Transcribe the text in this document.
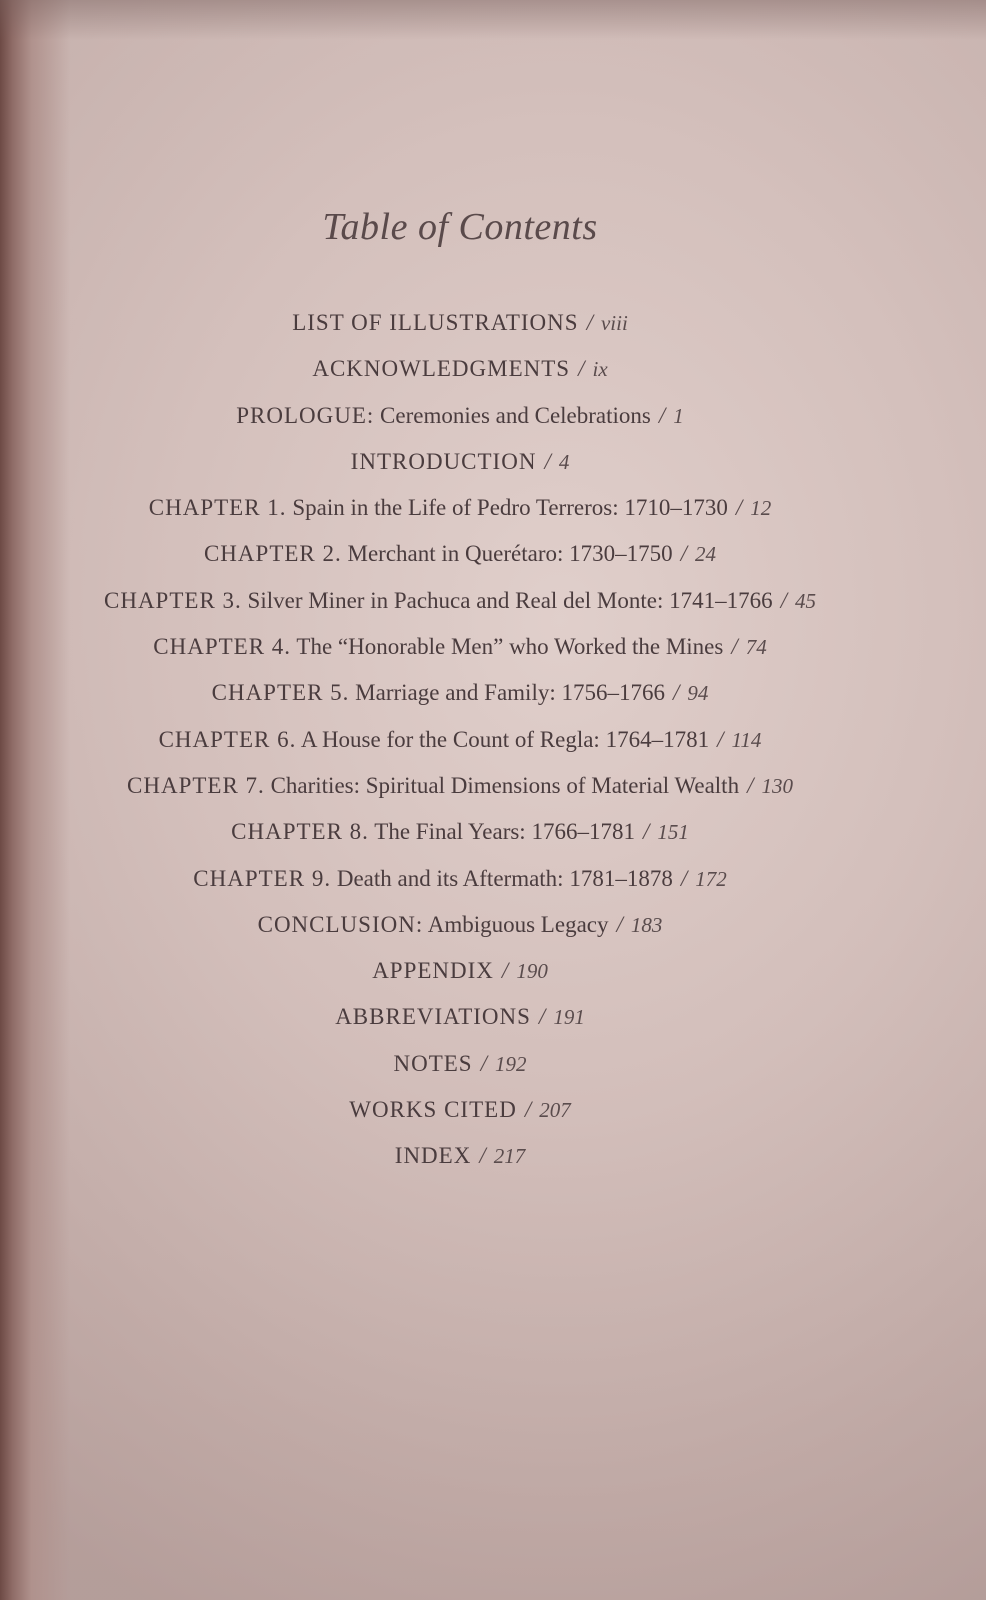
Table of Contents
LIST OF ILLUSTRATIONS / viii
ACKNOWLEDGMENTS / ix
PROLOGUE: Ceremonies and Celebrations / 1
INTRODUCTION / 4
CHAPTER 1. Spain in the Life of Pedro Terreros: 1710–1730 / 12
CHAPTER 2. Merchant in Querétaro: 1730–1750 / 24
CHAPTER 3. Silver Miner in Pachuca and Real del Monte: 1741–1766 / 45
CHAPTER 4. The “Honorable Men” who Worked the Mines / 74
CHAPTER 5. Marriage and Family: 1756–1766 / 94
CHAPTER 6. A House for the Count of Regla: 1764–1781 / 114
CHAPTER 7. Charities: Spiritual Dimensions of Material Wealth / 130
CHAPTER 8. The Final Years: 1766–1781 / 151
CHAPTER 9. Death and its Aftermath: 1781–1878 / 172
CONCLUSION: Ambiguous Legacy / 183
APPENDIX / 190
ABBREVIATIONS / 191
NOTES / 192
WORKS CITED / 207
INDEX / 217
